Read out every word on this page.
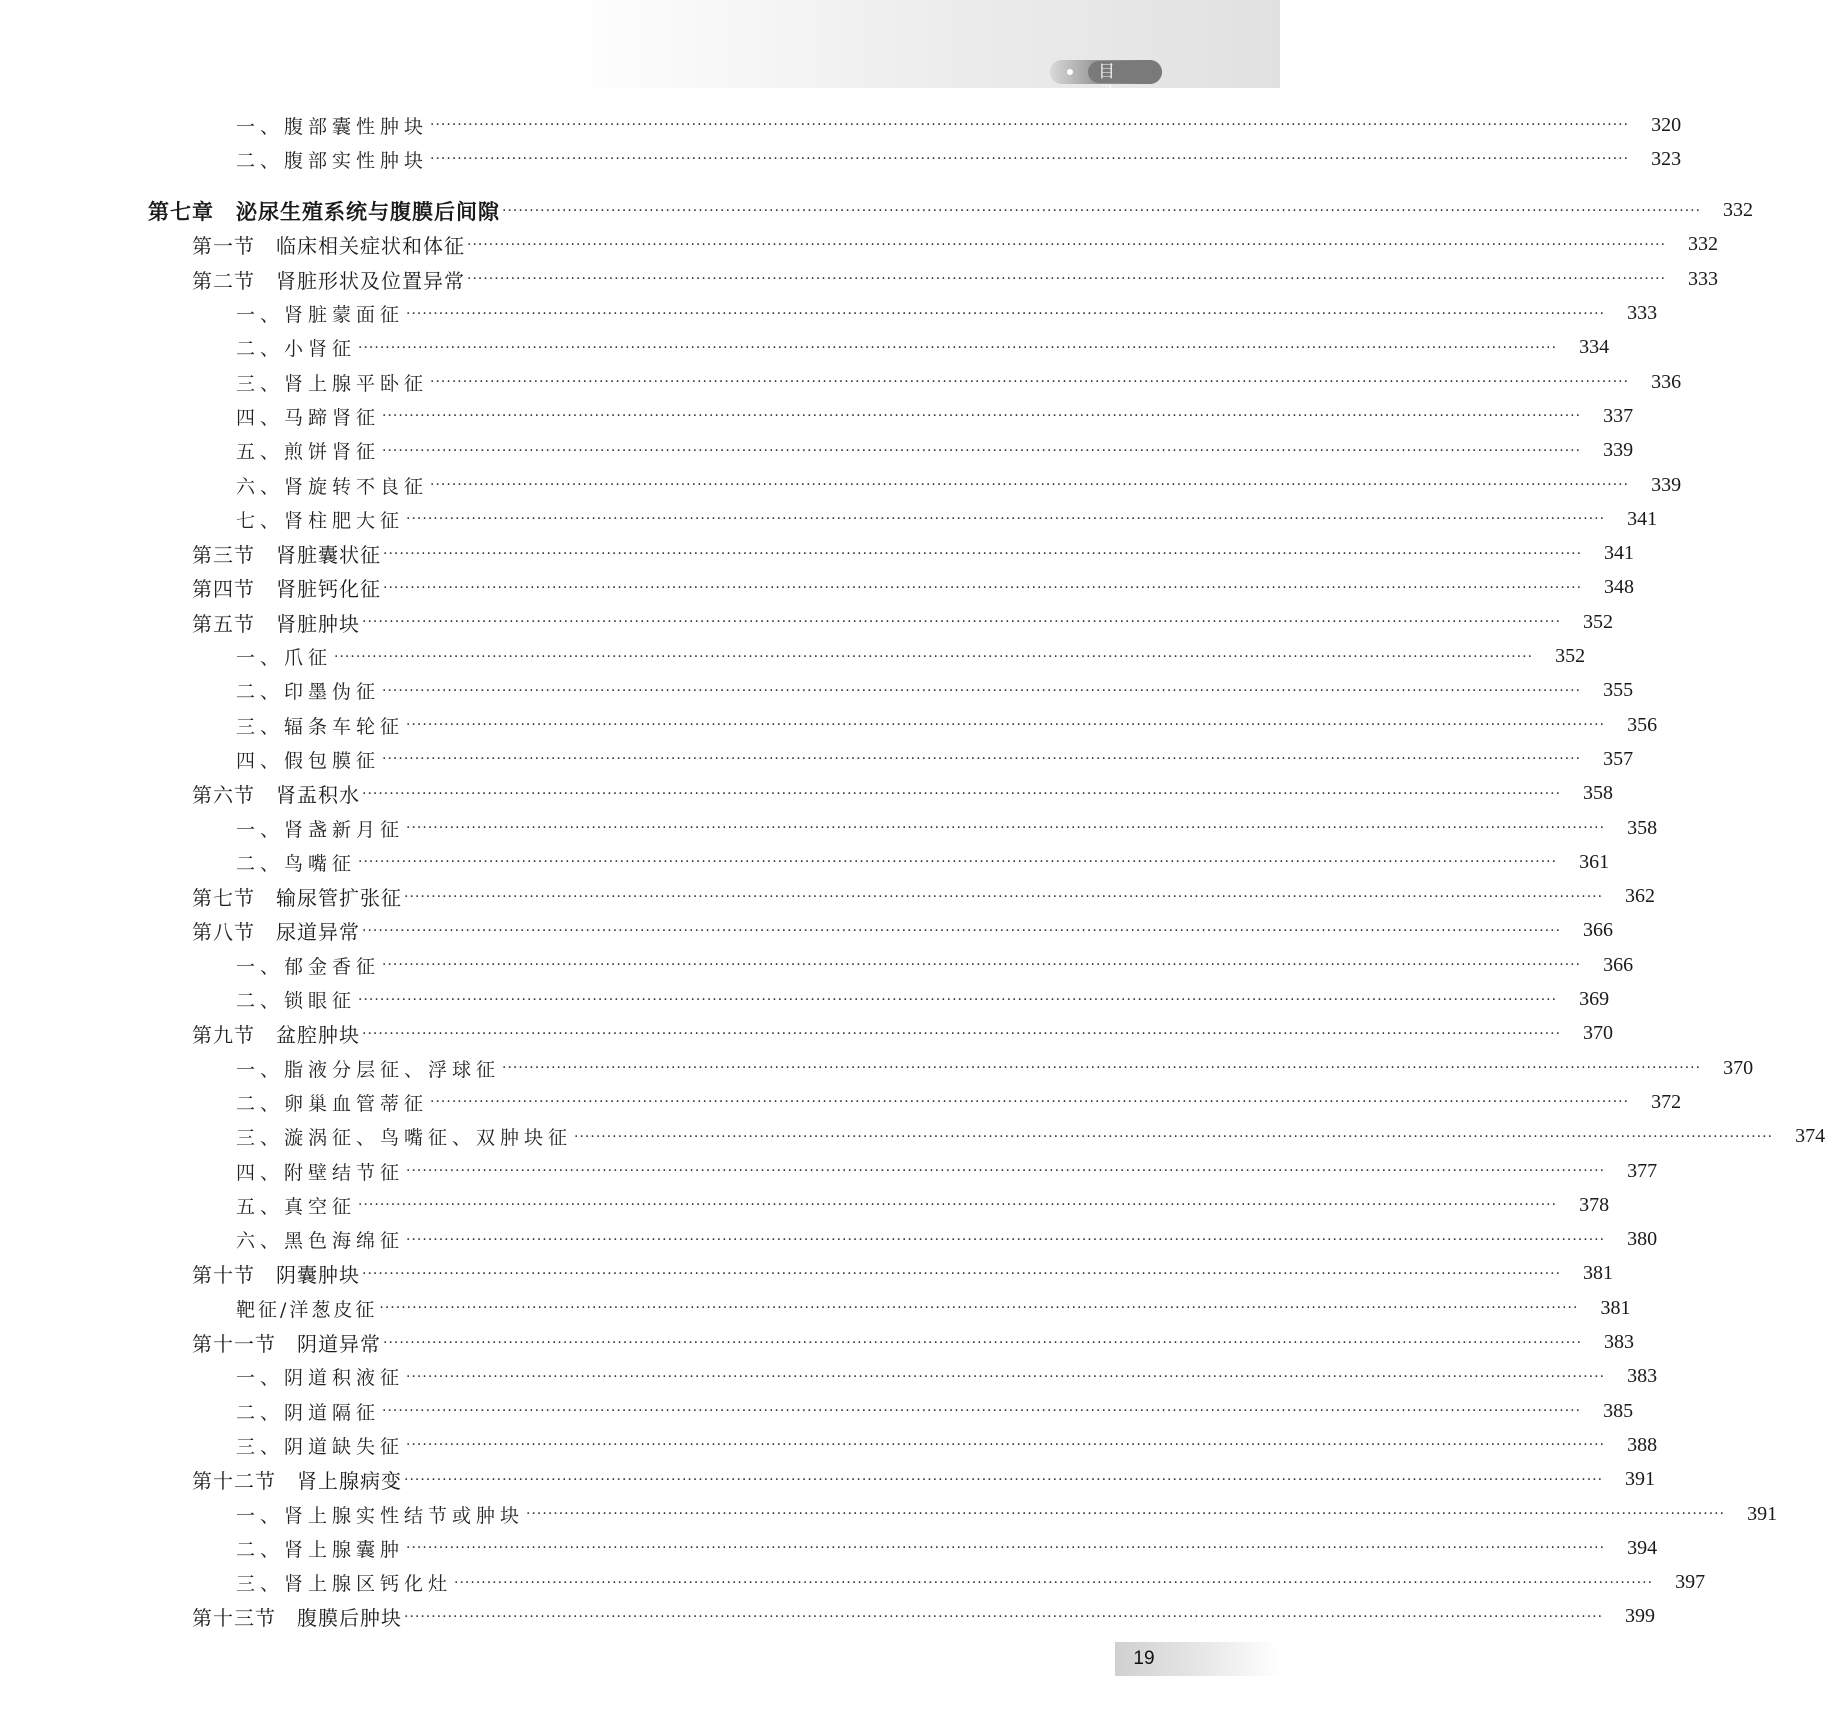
目 录
一、腹部囊性肿块 ····························································································································································································································	320
二、腹部实性肿块 ····························································································································································································································	323
第七章　泌尿生殖系统与腹膜后间隙 ····························································································································································································································	332
第一节　临床相关症状和体征 ····························································································································································································································	332
第二节　肾脏形状及位置异常 ····························································································································································································································	333
一、肾脏蒙面征 ····························································································································································································································	333
二、小肾征 ····························································································································································································································	334
三、肾上腺平卧征 ····························································································································································································································	336
四、马蹄肾征 ····························································································································································································································	337
五、煎饼肾征 ····························································································································································································································	339
六、肾旋转不良征 ····························································································································································································································	339
七、肾柱肥大征 ····························································································································································································································	341
第三节　肾脏囊状征 ····························································································································································································································	341
第四节　肾脏钙化征 ····························································································································································································································	348
第五节　肾脏肿块 ····························································································································································································································	352
一、爪征 ····························································································································································································································	352
二、印墨伪征 ····························································································································································································································	355
三、辐条车轮征 ····························································································································································································································	356
四、假包膜征 ····························································································································································································································	357
第六节　肾盂积水 ····························································································································································································································	358
一、肾盏新月征 ····························································································································································································································	358
二、鸟嘴征 ····························································································································································································································	361
第七节　输尿管扩张征 ····························································································································································································································	362
第八节　尿道异常 ····························································································································································································································	366
一、郁金香征 ····························································································································································································································	366
二、锁眼征 ····························································································································································································································	369
第九节　盆腔肿块 ····························································································································································································································	370
一、脂液分层征、浮球征 ····························································································································································································································	370
二、卵巢血管蒂征 ····························································································································································································································	372
三、漩涡征、鸟嘴征、双肿块征 ····························································································································································································································	374
四、附壁结节征 ····························································································································································································································	377
五、真空征 ····························································································································································································································	378
六、黑色海绵征 ····························································································································································································································	380
第十节　阴囊肿块 ····························································································································································································································	381
靶征/洋葱皮征 ····························································································································································································································	381
第十一节　阴道异常 ····························································································································································································································	383
一、阴道积液征 ····························································································································································································································	383
二、阴道隔征 ····························································································································································································································	385
三、阴道缺失征 ····························································································································································································································	388
第十二节　肾上腺病变 ····························································································································································································································	391
一、肾上腺实性结节或肿块 ····························································································································································································································	391
二、肾上腺囊肿 ····························································································································································································································	394
三、肾上腺区钙化灶 ····························································································································································································································	397
第十三节　腹膜后肿块 ····························································································································································································································	399
19
